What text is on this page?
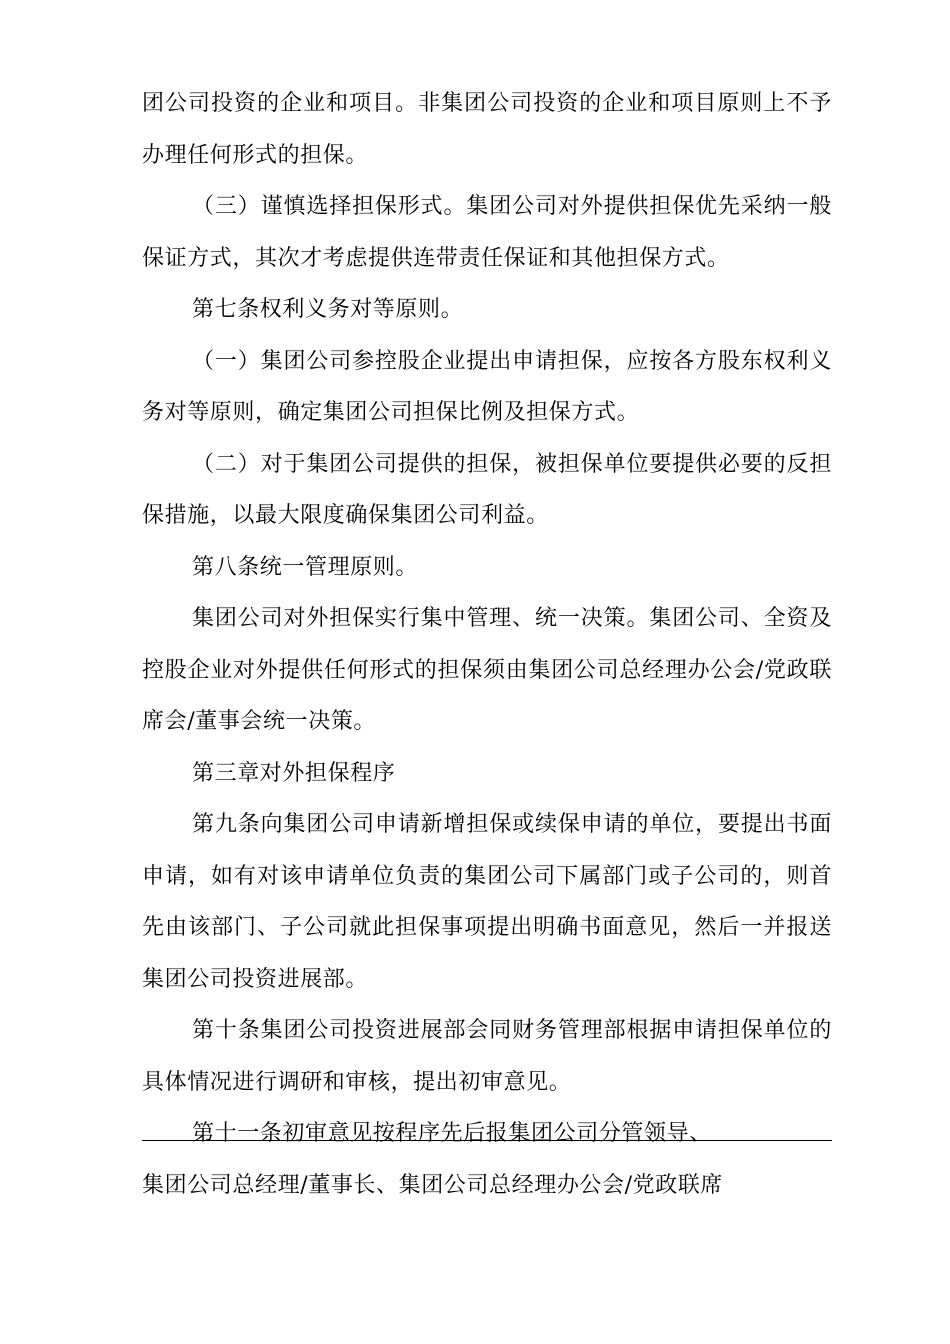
团公司投资的企业和项目。非集团公司投资的企业和项目原则上不予办理任何形式的担保。

（三）谨慎选择担保形式。集团公司对外提供担保优先采纳一般保证方式，其次才考虑提供连带责任保证和其他担保方式。

第七条权利义务对等原则。

（一）集团公司参控股企业提出申请担保，应按各方股东权利义务对等原则，确定集团公司担保比例及担保方式。

（二）对于集团公司提供的担保，被担保单位要提供必要的反担保措施，以最大限度确保集团公司利益。

第八条统一管理原则。

集团公司对外担保实行集中管理、统一决策。集团公司、全资及控股企业对外提供任何形式的担保须由集团公司总经理办公会/党政联席会/董事会统一决策。

第三章对外担保程序

第九条向集团公司申请新增担保或续保申请的单位，要提出书面申请，如有对该申请单位负责的集团公司下属部门或子公司的，则首先由该部门、子公司就此担保事项提出明确书面意见，然后一并报送集团公司投资进展部。

第十条集团公司投资进展部会同财务管理部根据申请担保单位的具体情况进行调研和审核，提出初审意见。

第十一条初审意见按程序先后报集团公司分管领导、

集团公司总经理/董事长、集团公司总经理办公会/党政联席
